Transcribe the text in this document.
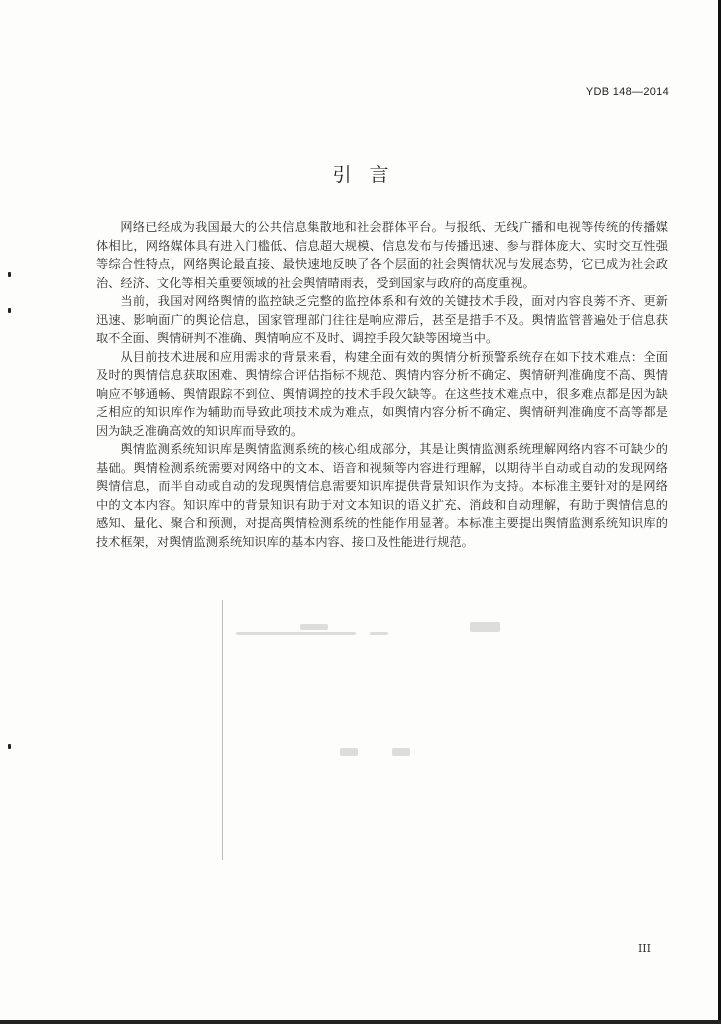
YDB 148—2014
引言

网络已经成为我国最大的公共信息集散地和社会群体平台。与报纸、无线广播和电视等传统的传播媒体相比，网络媒体具有进入门槛低、信息超大规模、信息发布与传播迅速、参与群体庞大、实时交互性强等综合性特点，网络舆论最直接、最快速地反映了各个层面的社会舆情状况与发展态势，它已成为社会政治、经济、文化等相关重要领域的社会舆情晴雨表，受到国家与政府的高度重视。

当前，我国对网络舆情的监控缺乏完整的监控体系和有效的关键技术手段，面对内容良莠不齐、更新迅速、影响面广的舆论信息，国家管理部门往往是响应滞后，甚至是措手不及。舆情监管普遍处于信息获取不全面、舆情研判不准确、舆情响应不及时、调控手段欠缺等困境当中。

从目前技术进展和应用需求的背景来看，构建全面有效的舆情分析预警系统存在如下技术难点：全面及时的舆情信息获取困难、舆情综合评估指标不规范、舆情内容分析不确定、舆情研判准确度不高、舆情响应不够通畅、舆情跟踪不到位、舆情调控的技术手段欠缺等。在这些技术难点中，很多难点都是因为缺乏相应的知识库作为辅助而导致此项技术成为难点，如舆情内容分析不确定、舆情研判准确度不高等都是因为缺乏准确高效的知识库而导致的。

舆情监测系统知识库是舆情监测系统的核心组成部分，其是让舆情监测系统理解网络内容不可缺少的基础。舆情检测系统需要对网络中的文本、语音和视频等内容进行理解，以期待半自动或自动的发现网络舆情信息，而半自动或自动的发现舆情信息需要知识库提供背景知识作为支持。本标准主要针对的是网络中的文本内容。知识库中的背景知识有助于对文本知识的语义扩充、消歧和自动理解，有助于舆情信息的感知、量化、聚合和预测，对提高舆情检测系统的性能作用显著。本标准主要提出舆情监测系统知识库的技术框架，对舆情监测系统知识库的基本内容、接口及性能进行规范。

III
